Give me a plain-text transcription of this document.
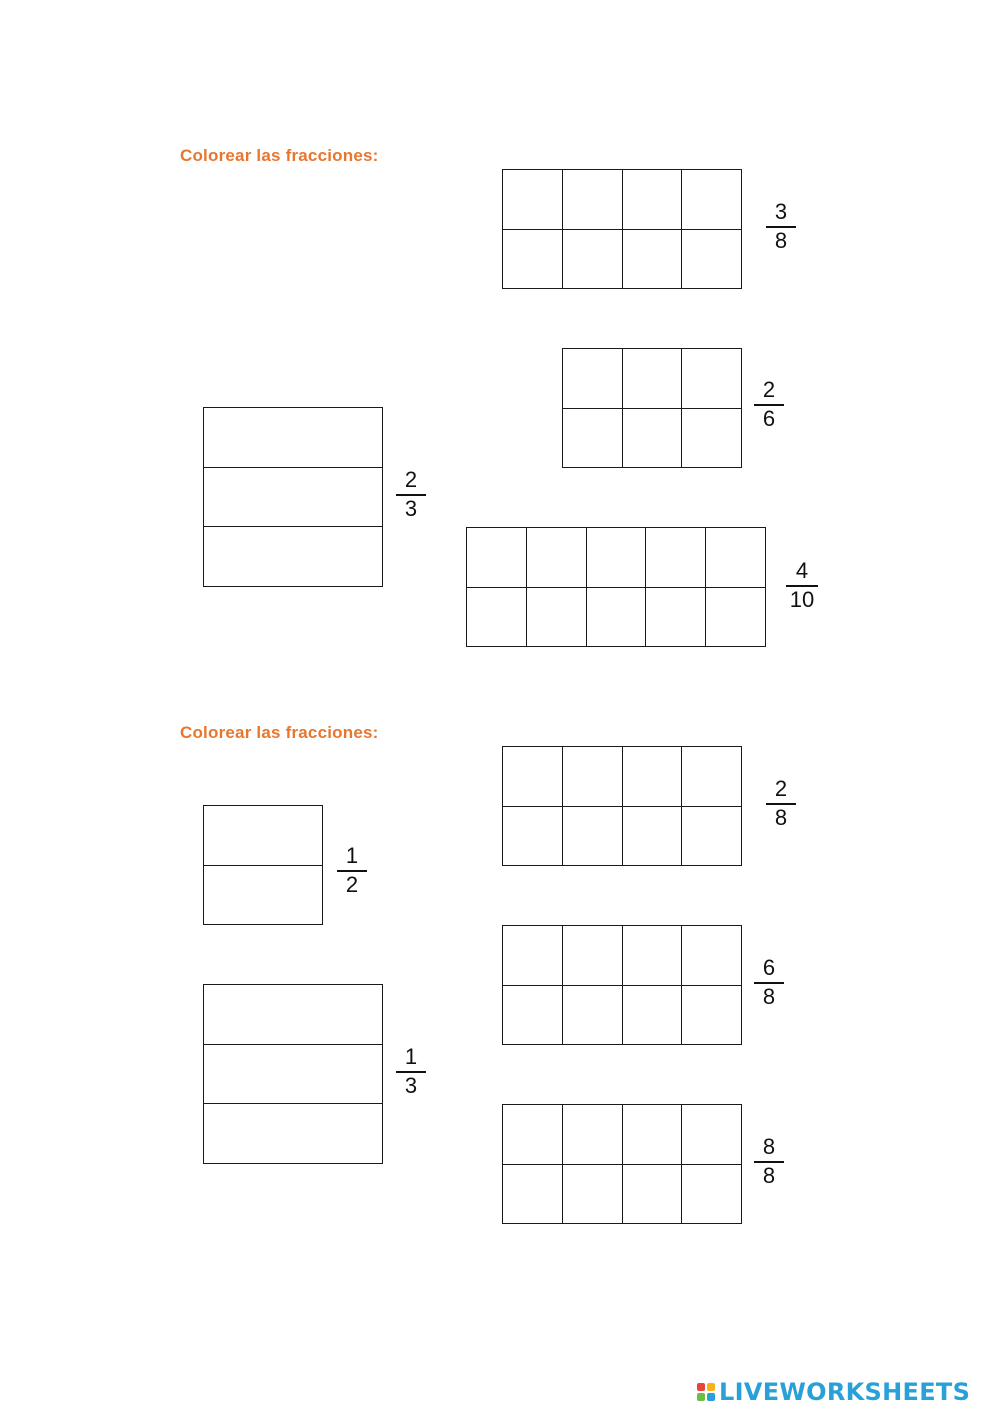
Colorear las fracciones:
Colorear las fracciones:
3
8
2
6
2
3
4
10
2
8
1
2
6
8
1
3
8
8
LIVEWORKSHEETS
